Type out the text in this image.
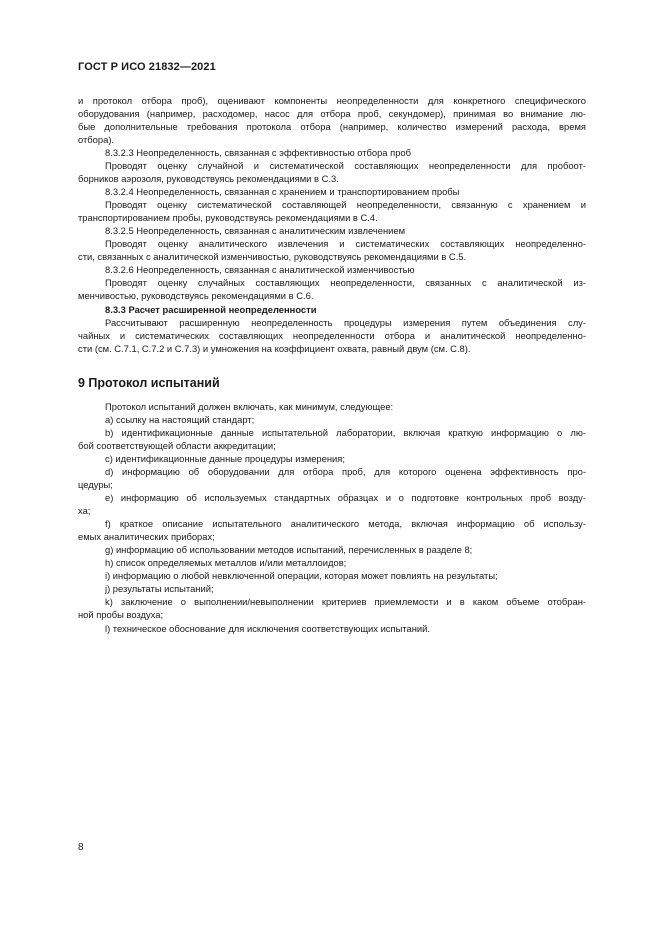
ГОСТ Р ИСО 21832—2021
и протокол отбора проб), оценивают компоненты неопределенности для конкретного специфического
оборудования (например, расходомер, насос для отбора проб, секундомер), принимая во внимание лю-
бые дополнительные требования протокола отбора (например, количество измерений расхода, время
отбора).
8.3.2.3 Неопределенность, связанная с эффективностью отбора проб
Проводят оценку случайной и систематической составляющих неопределенности для пробоот-
борников аэрозоля, руководствуясь рекомендациями в С.3.
8.3.2.4 Неопределенность, связанная с хранением и транспортированием пробы
Проводят оценку систематической составляющей неопределенности, связанную с хранением и
транспортированием пробы, руководствуясь рекомендациями в С.4.
8.3.2.5 Неопределенность, связанная с аналитическим извлечением
Проводят оценку аналитического извлечения и систематических составляющих неопределенно-
сти, связанных с аналитической изменчивостью, руководствуясь рекомендациями в С.5.
8.3.2.6 Неопределенность, связанная с аналитической изменчивостью
Проводят оценку случайных составляющих неопределенности, связанных с аналитической из-
менчивостью, руководствуясь рекомендациями в С.6.
8.3.3 Расчет расширенной неопределенности
Рассчитывают расширенную неопределенность процедуры измерения путем объединения слу-
чайных и систематических составляющих неопределенности отбора и аналитической неопределенно-
сти (см. С.7.1, С.7.2 и С.7.3) и умножения на коэффициент охвата, равный двум (см. С.8).
9 Протокол испытаний
Протокол испытаний должен включать, как минимум, следующее:
а) ссылку на настоящий стандарт;
b) идентификационные данные испытательной лаборатории, включая краткую информацию о лю-
бой соответствующей области аккредитации;
с) идентификационные данные процедуры измерения;
d) информацию об оборудовании для отбора проб, для которого оценена эффективность про-
цедуры;
е) информацию об используемых стандартных образцах и о подготовке контрольных проб возду-
ха;
f) краткое описание испытательного аналитического метода, включая информацию об использу-
емых аналитических приборах;
g) информацию об использовании методов испытаний, перечисленных в разделе 8;
h) список определяемых металлов и/или металлоидов;
i) информацию о любой невключенной операции, которая может повлиять на результаты;
j) результаты испытаний;
k) заключение о выполнении/невыполнении критериев приемлемости и в каком объеме отобран-
ной пробы воздуха;
l) техническое обоснование для исключения соответствующих испытаний.
8
